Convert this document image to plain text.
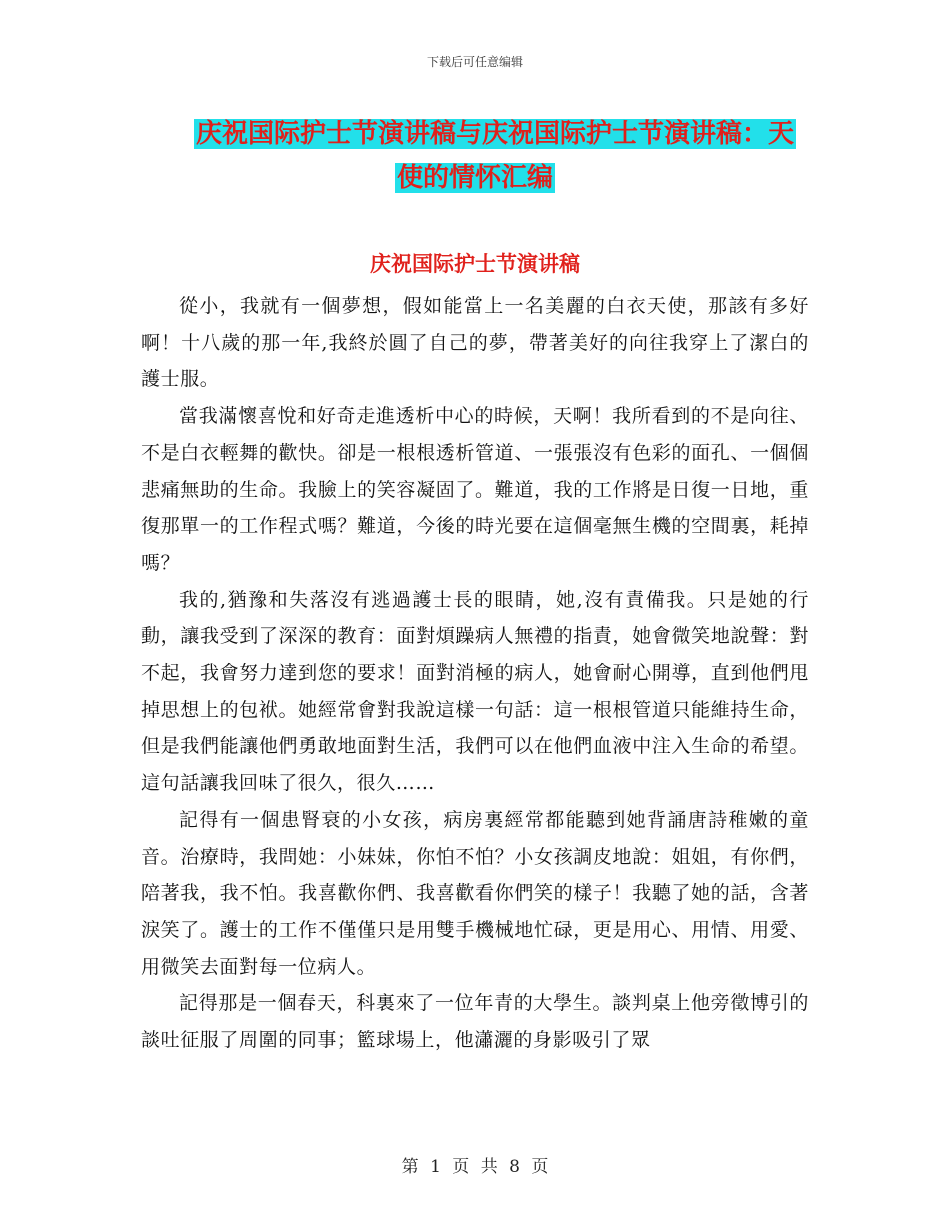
下载后可任意编辑
庆祝国际护士节演讲稿与庆祝国际护士节演讲稿：天
使的情怀汇编
庆祝国际护士节演讲稿

從小，我就有一個夢想，假如能當上一名美麗的白衣天使，那該有多好啊！十八歲的那一年,我終於圓了自己的夢，帶著美好的向往我穿上了潔白的護士服。

當我滿懷喜悅和好奇走進透析中心的時候，天啊！我所看到的不是向往、不是白衣輕舞的歡快。卻是一根根透析管道、一張張沒有色彩的面孔、一個個悲痛無助的生命。我臉上的笑容凝固了。難道，我的工作將是日復一日地，重復那單一的工作程式嗎？難道，今後的時光要在這個毫無生機的空間裏，耗掉嗎？

我的,猶豫和失落沒有逃過護士長的眼睛，她,沒有責備我。只是她的行動，讓我受到了深深的教育：面對煩躁病人無禮的指責，她會微笑地說聲：對不起，我會努力達到您的要求！面對消極的病人，她會耐心開導，直到他們甩掉思想上的包袱。她經常會對我說這樣一句話：這一根根管道只能維持生命，但是我們能讓他們勇敢地面對生活，我們可以在他們血液中注入生命的希望。這句話讓我回味了很久，很久……

記得有一個患腎衰的小女孩，病房裏經常都能聽到她背誦唐詩稚嫩的童音。治療時，我問她：小妹妹，你怕不怕？小女孩調皮地說：姐姐，有你們，陪著我，我不怕。我喜歡你們、我喜歡看你們笑的樣子！我聽了她的話，含著淚笑了。護士的工作不僅僅只是用雙手機械地忙碌，更是用心、用情、用愛、用微笑去面對每一位病人。

記得那是一個春天，科裏來了一位年青的大學生。談判桌上他旁徵博引的談吐征服了周圍的同事；籃球場上，他瀟灑的身影吸引了眾

第 1 页 共 8 页
